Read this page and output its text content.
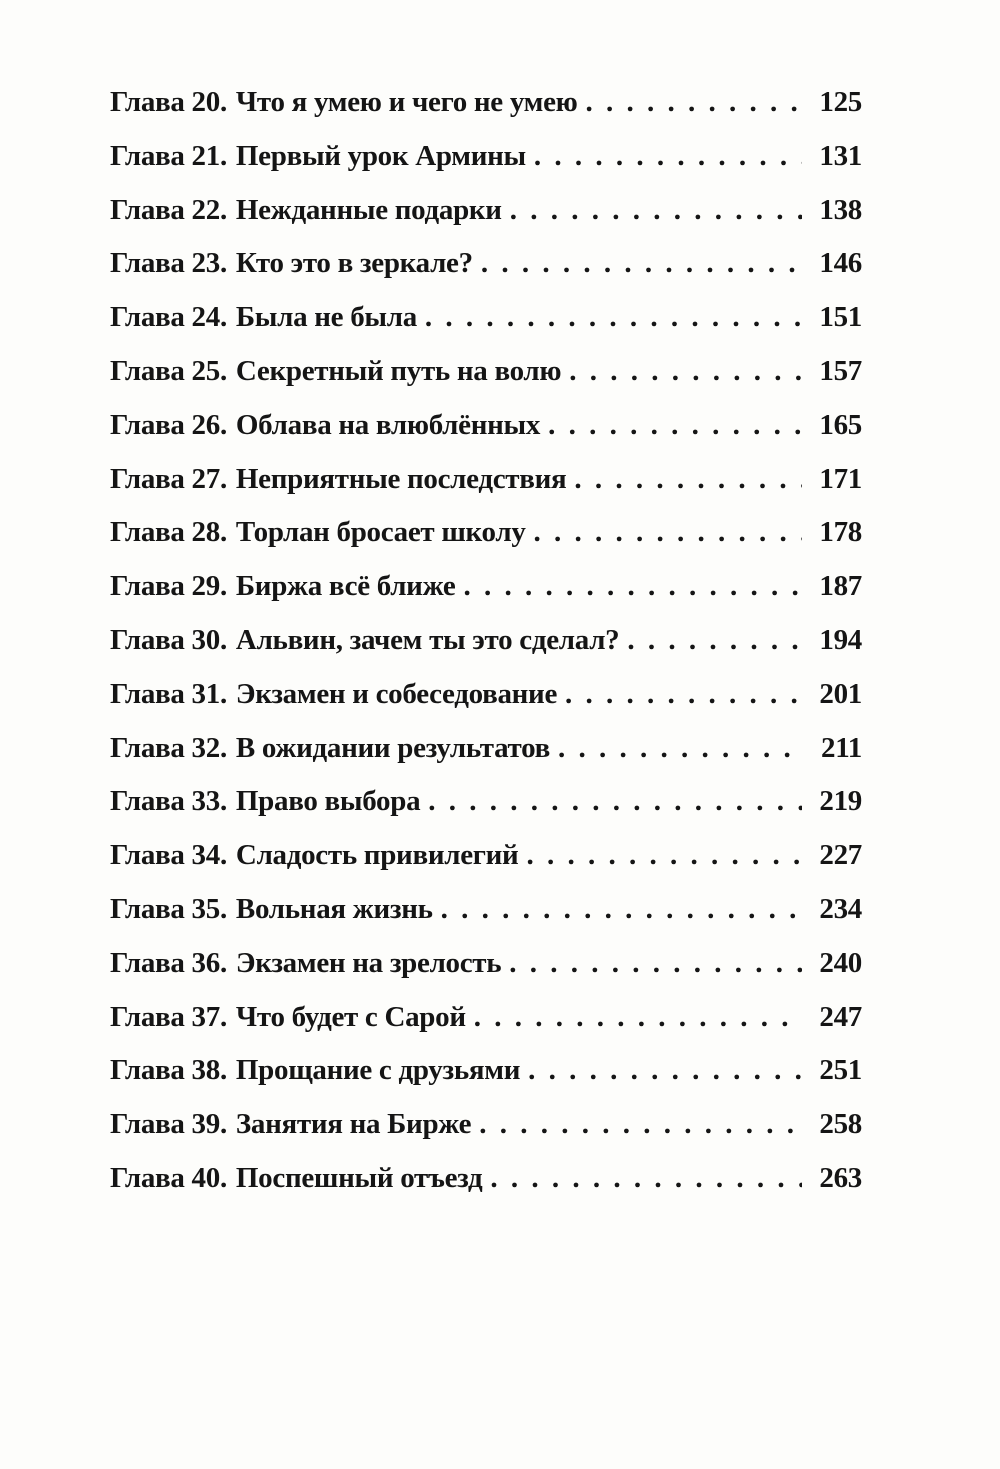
Глава 20. Что я умею и чего не умею . . .	125
Глава 21. Первый урок Армины . . .	131
Глава 22. Нежданные подарки . . .	138
Глава 23. Кто это в зеркале? . . .	146
Глава 24. Была не была . . .	151
Глава 25. Секретный путь на волю . . .	157
Глава 26. Облава на влюблённых . . .	165
Глава 27. Неприятные последствия . . .	171
Глава 28. Торлан бросает школу . . .	178
Глава 29. Биржа всё ближе . . .	187
Глава 30. Альвин, зачем ты это сделал? . . .	194
Глава 31. Экзамен и собеседование . . .	201
Глава 32. В ожидании результатов . . .	211
Глава 33. Право выбора . . .	219
Глава 34. Сладость привилегий . . .	227
Глава 35. Вольная жизнь . . .	234
Глава 36. Экзамен на зрелость . . .	240
Глава 37. Что будет с Сарой . . .	247
Глава 38. Прощание с друзьями . . .	251
Глава 39. Занятия на Бирже . . .	258
Глава 40. Поспешный отъезд . . .	263
